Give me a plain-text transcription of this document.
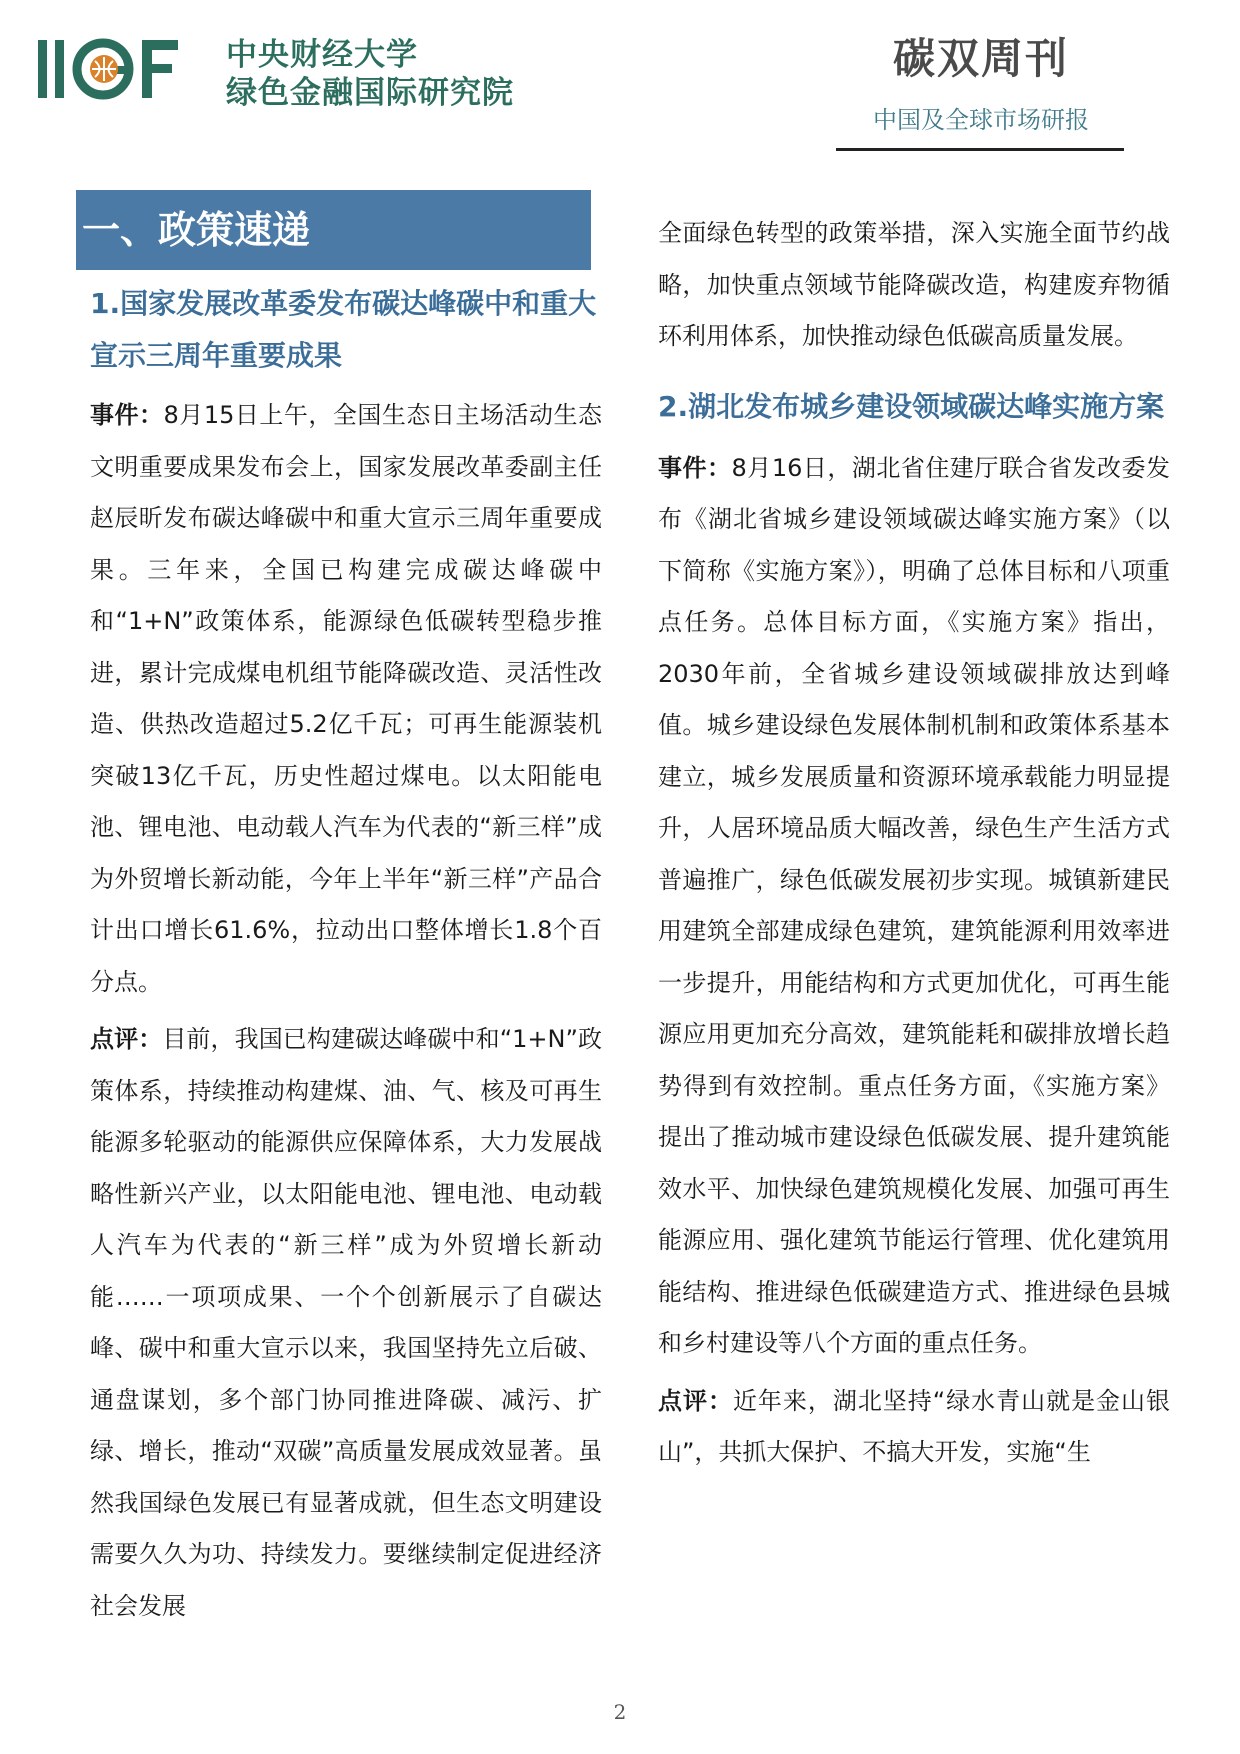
IIGF
中央财经大学
绿色金融国际研究院
碳双周刊
中国及全球市场研报
一、政策速递
1.国家发展改革委发布碳达峰碳中和重大宣示三周年重要成果

事件：8月15日上午，全国生态日主场活动生态文明重要成果发布会上，国家发展改革委副主任赵辰昕发布碳达峰碳中和重大宣示三周年重要成果。三年来，全国已构建完成碳达峰碳中和“1+N”政策体系，能源绿色低碳转型稳步推进，累计完成煤电机组节能降碳改造、灵活性改造、供热改造超过5.2亿千瓦；可再生能源装机突破13亿千瓦，历史性超过煤电。以太阳能电池、锂电池、电动载人汽车为代表的“新三样”成为外贸增长新动能，今年上半年“新三样”产品合计出口增长61.6%，拉动出口整体增长1.8个百分点。

点评：目前，我国已构建碳达峰碳中和“1+N”政策体系，持续推动构建煤、油、气、核及可再生能源多轮驱动的能源供应保障体系，大力发展战略性新兴产业，以太阳能电池、锂电池、电动载人汽车为代表的“新三样”成为外贸增长新动能……一项项成果、一个个创新展示了自碳达峰、碳中和重大宣示以来，我国坚持先立后破、通盘谋划，多个部门协同推进降碳、减污、扩绿、增长，推动“双碳”高质量发展成效显著。虽然我国绿色发展已有显著成就，但生态文明建设需要久久为功、持续发力。要继续制定促进经济社会发展

全面绿色转型的政策举措，深入实施全面节约战略，加快重点领域节能降碳改造，构建废弃物循环利用体系，加快推动绿色低碳高质量发展。

2.湖北发布城乡建设领域碳达峰实施方案

事件：8月16日，湖北省住建厅联合省发改委发布《湖北省城乡建设领域碳达峰实施方案》（以下简称《实施方案》），明确了总体目标和八项重点任务。总体目标方面，《实施方案》指出，2030年前，全省城乡建设领域碳排放达到峰值。城乡建设绿色发展体制机制和政策体系基本建立，城乡发展质量和资源环境承载能力明显提升，人居环境品质大幅改善，绿色生产生活方式普遍推广，绿色低碳发展初步实现。城镇新建民用建筑全部建成绿色建筑，建筑能源利用效率进一步提升，用能结构和方式更加优化，可再生能源应用更加充分高效，建筑能耗和碳排放增长趋势得到有效控制。重点任务方面，《实施方案》提出了推动城市建设绿色低碳发展、提升建筑能效水平、加快绿色建筑规模化发展、加强可再生能源应用、强化建筑节能运行管理、优化建筑用能结构、推进绿色低碳建造方式、推进绿色县城和乡村建设等八个方面的重点任务。

点评：近年来，湖北坚持“绿水青山就是金山银山”，共抓大保护、不搞大开发，实施“生

2
